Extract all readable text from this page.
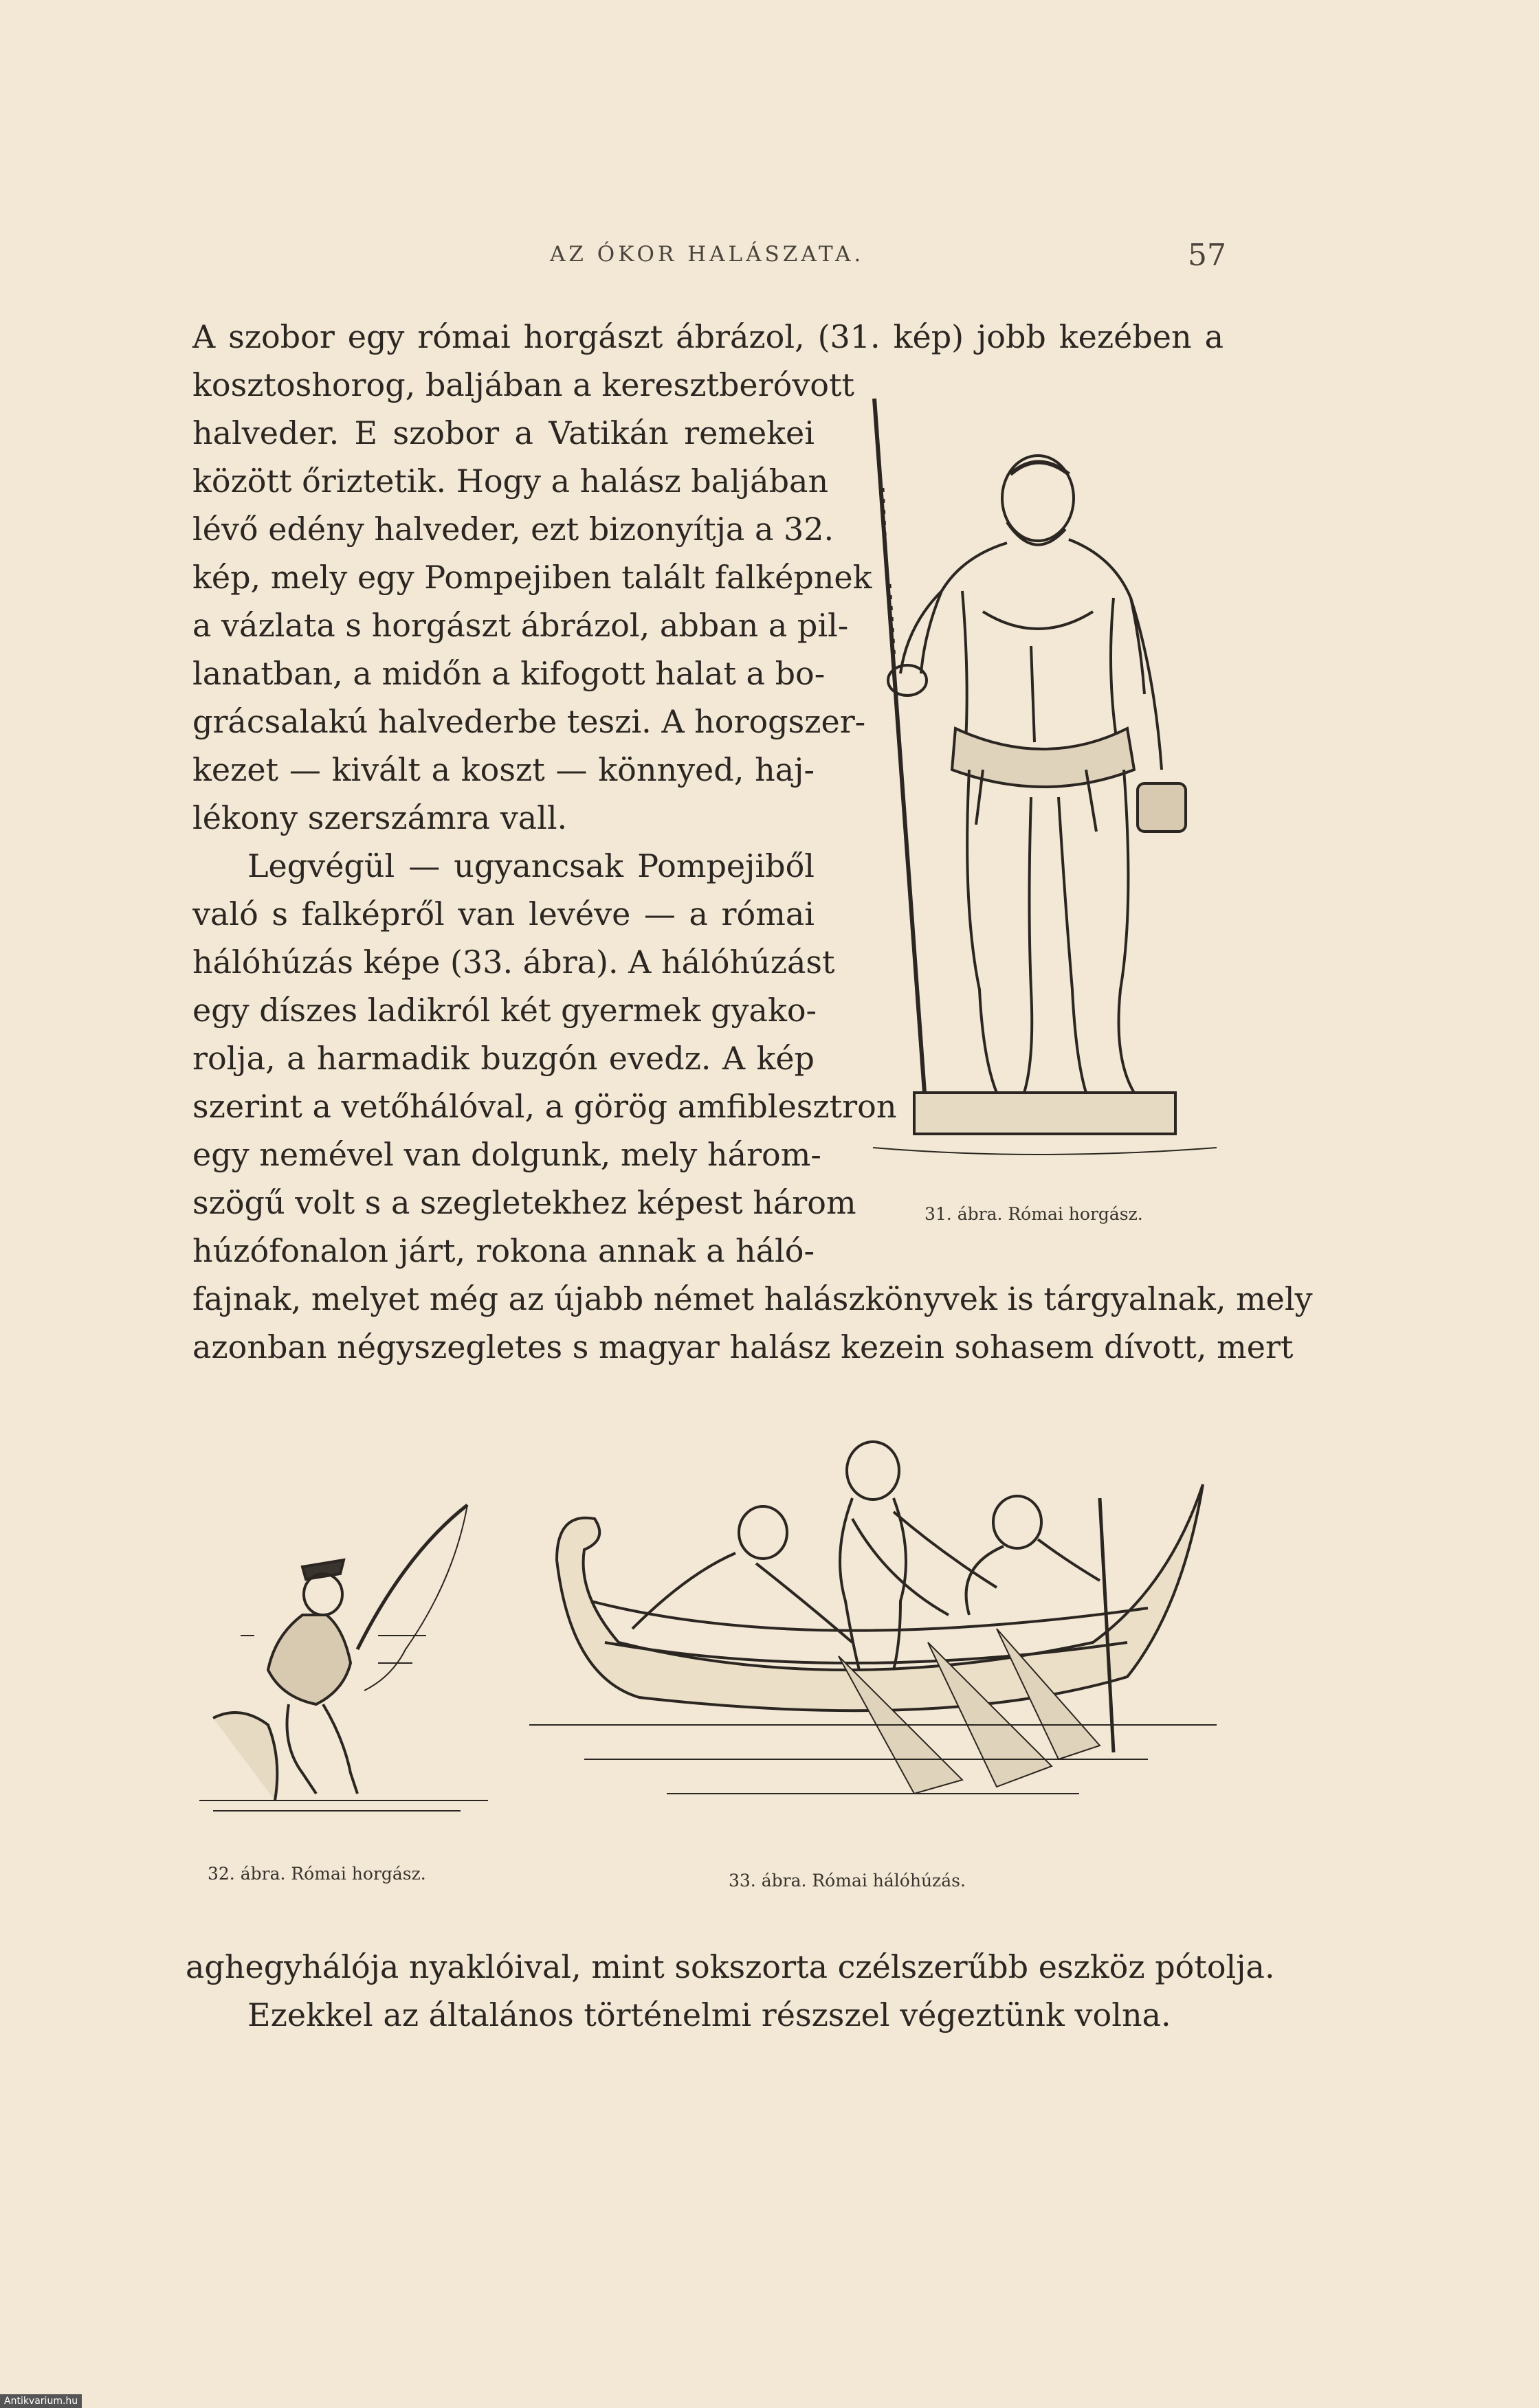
AZ ÓKOR HALÁSZATA.	57
A szobor egy római horgászt ábrázol, (31. kép) jobb kezében a
kosztoshorog, baljában a keresztberóvott
halveder. E szobor a Vatikán remekei
között őriztetik. Hogy a halász baljában
lévő edény halveder, ezt bizonyítja a 32.
kép, mely egy Pompejiben talált falképnek
a vázlata s horgászt ábrázol, abban a pil-
lanatban, a midőn a kifogott halat a bo-
grácsalakú halvederbe teszi. A horogszer-
kezet — kivált a koszt — könnyed, haj-
lékony szerszámra vall.
Legvégül — ugyancsak Pompejiből
való s falképről van levéve — a római
hálóhúzás képe (33. ábra). A hálóhúzást
egy díszes ladikról két gyermek gyako-
rolja, a harmadik buzgón evedz. A kép
szerint a vetőhálóval, a görög amfiblesztron
egy nemével van dolgunk, mely három-
szögű volt s a szegletekhez képest három
húzófonalon járt, rokona annak a háló-
fajnak, melyet még az újabb német halászkönyvek is tárgyalnak, mely
azonban négyszegletes s magyar halász kezein sohasem dívott, mert
31. ábra. Római horgász.
32. ábra. Római horgász.	33. ábra. Római hálóhúzás.
aghegyhálója nyaklóival, mint sokszorta czélszerűbb eszköz pótolja.
Ezekkel az általános történelmi részszel végeztünk volna.
Antikvarium.hu
